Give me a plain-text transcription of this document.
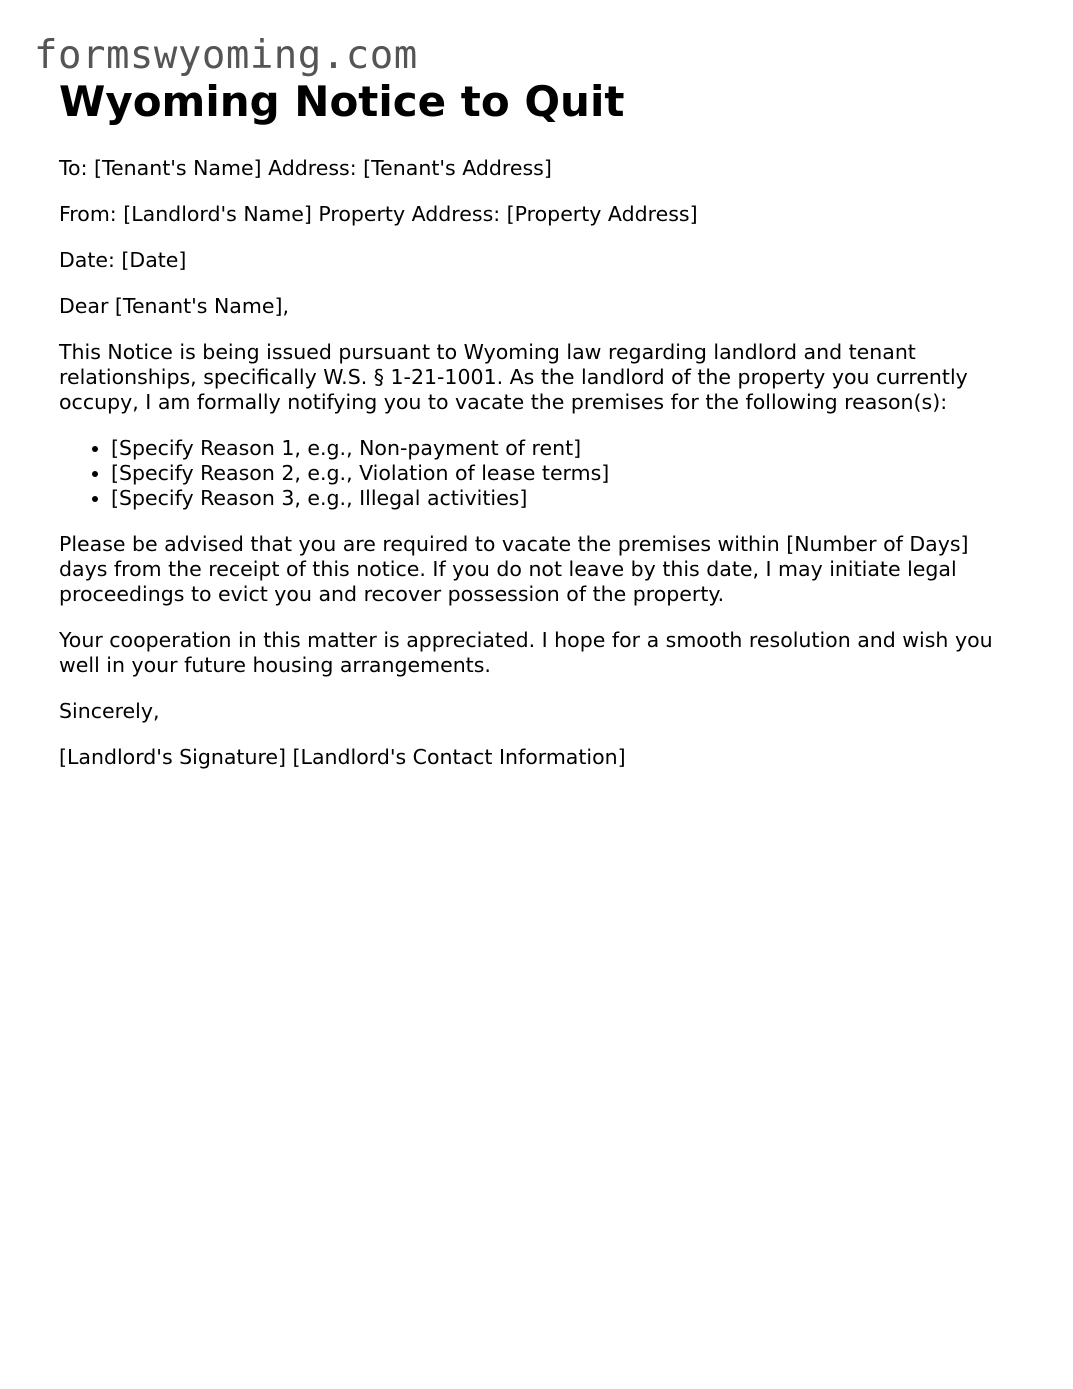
formswyoming.com
Wyoming Notice to Quit

To: [Tenant's Name] Address: [Tenant's Address]

From: [Landlord's Name] Property Address: [Property Address]

Date: [Date]

Dear [Tenant's Name],

This Notice is being issued pursuant to Wyoming law regarding landlord and tenant relationships, specifically W.S. § 1-21-1001. As the landlord of the property you currently occupy, I am formally notifying you to vacate the premises for the following reason(s):

• [Specify Reason 1, e.g., Non-payment of rent]
• [Specify Reason 2, e.g., Violation of lease terms]
• [Specify Reason 3, e.g., Illegal activities]

Please be advised that you are required to vacate the premises within [Number of Days] days from the receipt of this notice. If you do not leave by this date, I may initiate legal proceedings to evict you and recover possession of the property.

Your cooperation in this matter is appreciated. I hope for a smooth resolution and wish you well in your future housing arrangements.

Sincerely,

[Landlord's Signature] [Landlord's Contact Information]
